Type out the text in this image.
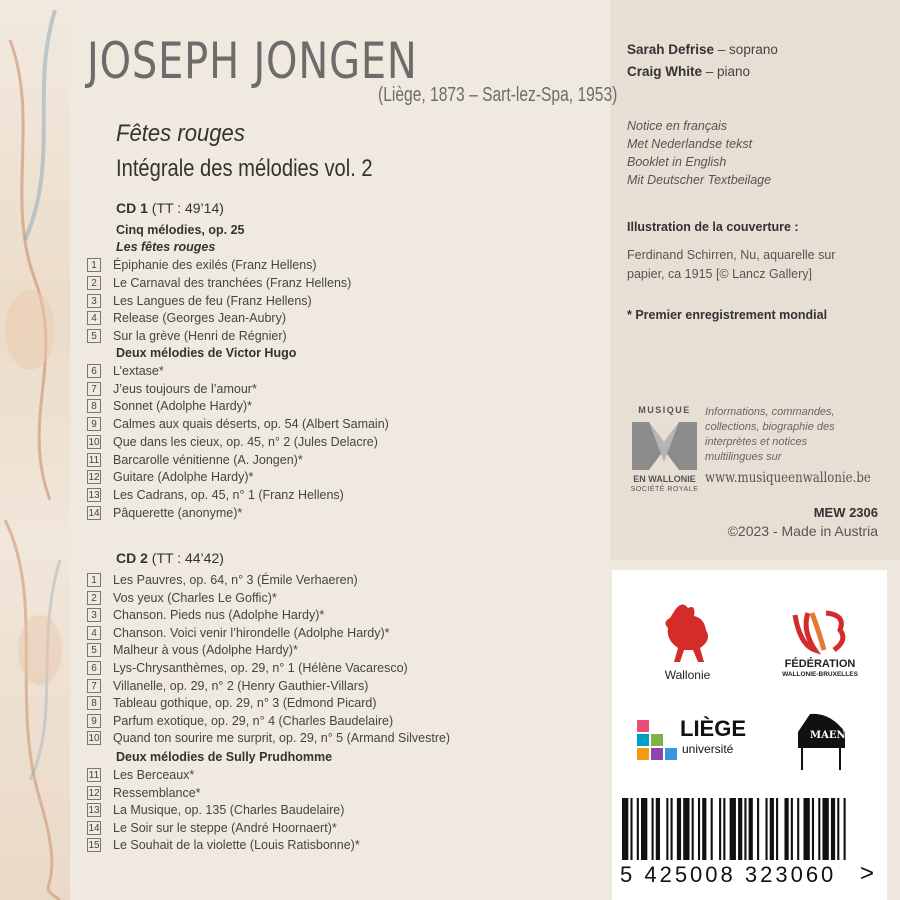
JOSEPH JONGEN
(Liège, 1873 – Sart-lez-Spa, 1953)
Fêtes rouges
Intégrale des mélodies vol. 2
CD 1 (TT : 49’14)
Cinq mélodies, op. 25
Les fêtes rouges
Deux mélodies de Victor Hugo
CD 2 (TT : 44’42)
Deux mélodies de Sully Prudhomme
1	Épiphanie des exilés (Franz Hellens)
2	Le Carnaval des tranchées (Franz Hellens)
3	Les Langues de feu (Franz Hellens)
4	Release (Georges Jean-Aubry)
5	Sur la grève (Henri de Régnier)
6	L’extase*
7	J’eus toujours de l’amour*
8	Sonnet (Adolphe Hardy)*
9	Calmes aux quais déserts, op. 54 (Albert Samain)
10 Que dans les cieux, op. 45, n° 2 (Jules Delacre)
11 Barcarolle vénitienne (A. Jongen)*
12 Guitare (Adolphe Hardy)*
13 Les Cadrans, op. 45, n° 1 (Franz Hellens)
14 Pâquerette (anonyme)*
1	Les Pauvres, op. 64, n° 3 (Émile Verhaeren)
2	Vos yeux (Charles Le Goffic)*
3	Chanson. Pieds nus (Adolphe Hardy)*
4	Chanson. Voici venir l’hirondelle (Adolphe Hardy)*
5	Malheur à vous (Adolphe Hardy)*
6	Lys-Chrysanthèmes, op. 29, n° 1 (Hélène Vacaresco)
7	Villanelle, op. 29, n° 2 (Henry Gauthier-Villars)
8	Tableau gothique, op. 29, n° 3 (Edmond Picard)
9	Parfum exotique, op. 29, n° 4 (Charles Baudelaire)
10 Quand ton sourire me surprit, op. 29, n° 5 (Armand Silvestre)
11 Les Berceaux*
12 Ressemblance*
13 La Musique, op. 135 (Charles Baudelaire)
14 Le Soir sur le steppe (André Hoornaert)*
15 Le Souhait de la violette (Louis Ratisbonne)*
Sarah Defrise – soprano
Craig White – piano
Notice en français
Met Nederlandse tekst
Booklet in English
Mit Deutscher Textbeilage
Illustration de la couverture :
Ferdinand Schirren, Nu, aquarelle sur
papier, ca 1915 [© Lancz Gallery]
* Premier enregistrement mondial
MUSIQUE
EN WALLONIE
SOCIÉTÉ ROYALE
Informations, commandes, collections, biographie des interprètes et notices multilingues sur
www.musiqueenwallonie.be
MEW 2306
©2023 - Made in Austria
Wallonie
FÉDÉRATION
WALLONIE-BRUXELLES
LIÈGE
université
MAENE
5 425008 323060 >
